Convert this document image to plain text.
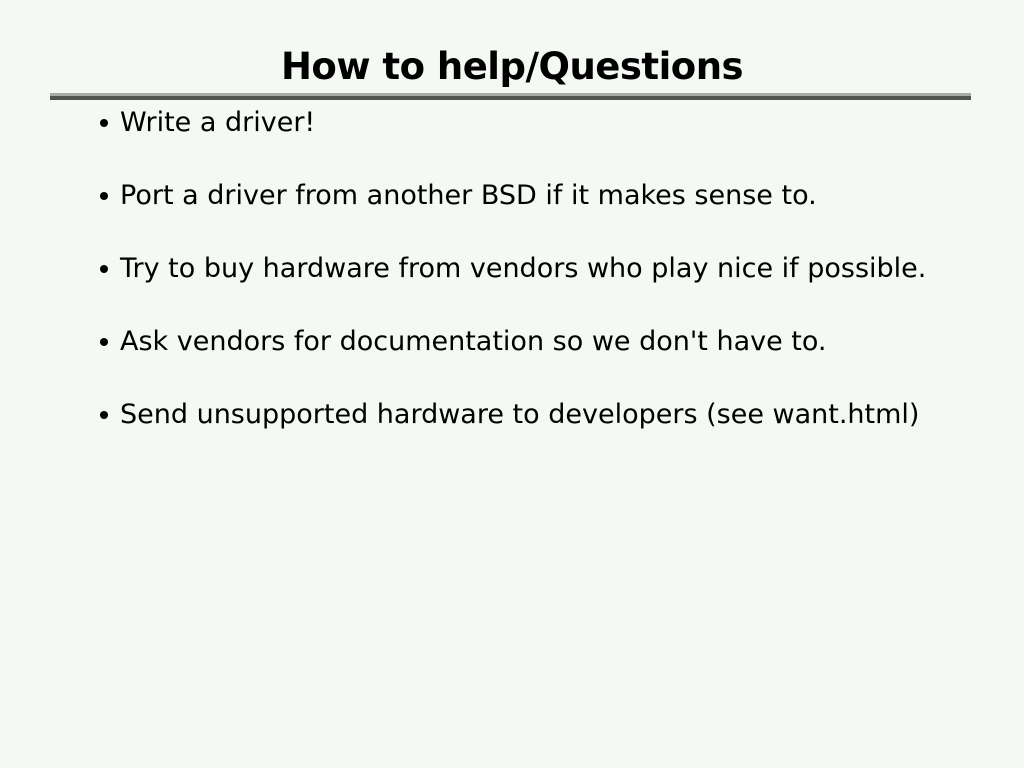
How to help/Questions
Write a driver!
Port a driver from another BSD if it makes sense to.
Try to buy hardware from vendors who play nice if possible.
Ask vendors for documentation so we don't have to.
Send unsupported hardware to developers (see want.html)
